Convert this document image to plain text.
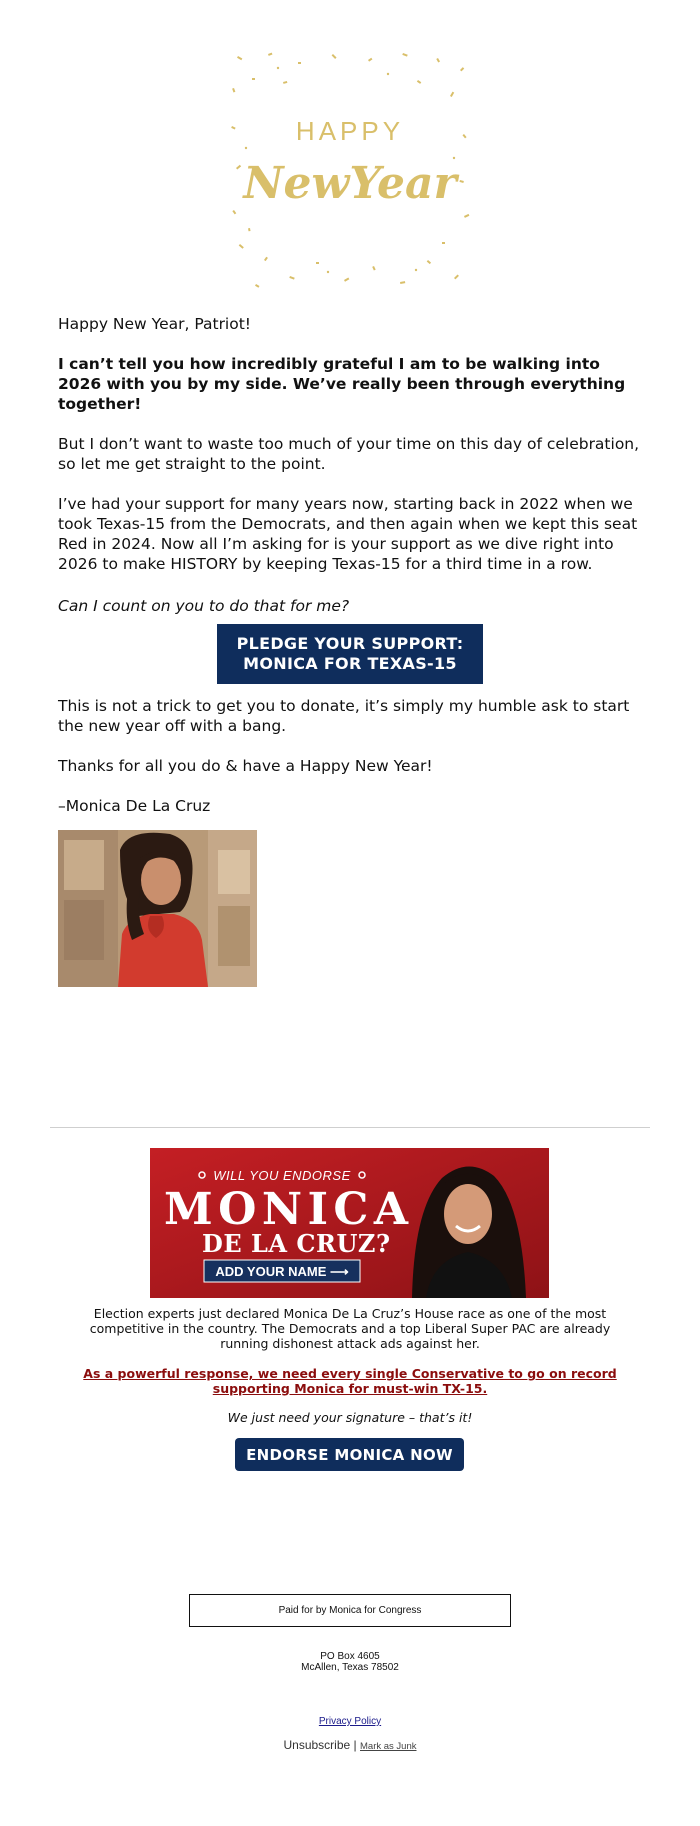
HAPPY
NewYear
Happy New Year, Patriot!
I can’t tell you how incredibly grateful I am to be walking into 2026 with you by my side. We’ve really been through everything together!
But I don’t want to waste too much of your time on this day of celebration, so let me get straight to the point.
I’ve had your support for many years now, starting back in 2022 when we took Texas-15 from the Democrats, and then again when we kept this seat Red in 2024. Now all I’m asking for is your support as we dive right into 2026 to make HISTORY by keeping Texas-15 for a third time in a row.
Can I count on you to do that for me?
PLEDGE YOUR SUPPORT:
MONICA FOR TEXAS-15
This is not a trick to get you to donate, it’s simply my humble ask to start the new year off with a bang.
Thanks for all you do & have a Happy New Year!
–Monica De La Cruz
WILL YOU ENDORSE
MONICA
DE LA CRUZ?
ADD YOUR NAME ⟶
Election experts just declared Monica De La Cruz’s House race as one of the most competitive in the country. The Democrats and a top Liberal Super PAC are already running dishonest attack ads against her.
As a powerful response, we need every single Conservative to go on record supporting Monica for must-win TX-15.
We just need your signature – that’s it!
ENDORSE MONICA NOW
Paid for by Monica for Congress
PO Box 4605
McAllen, Texas 78502
Privacy Policy
Unsubscribe | Mark as Junk
